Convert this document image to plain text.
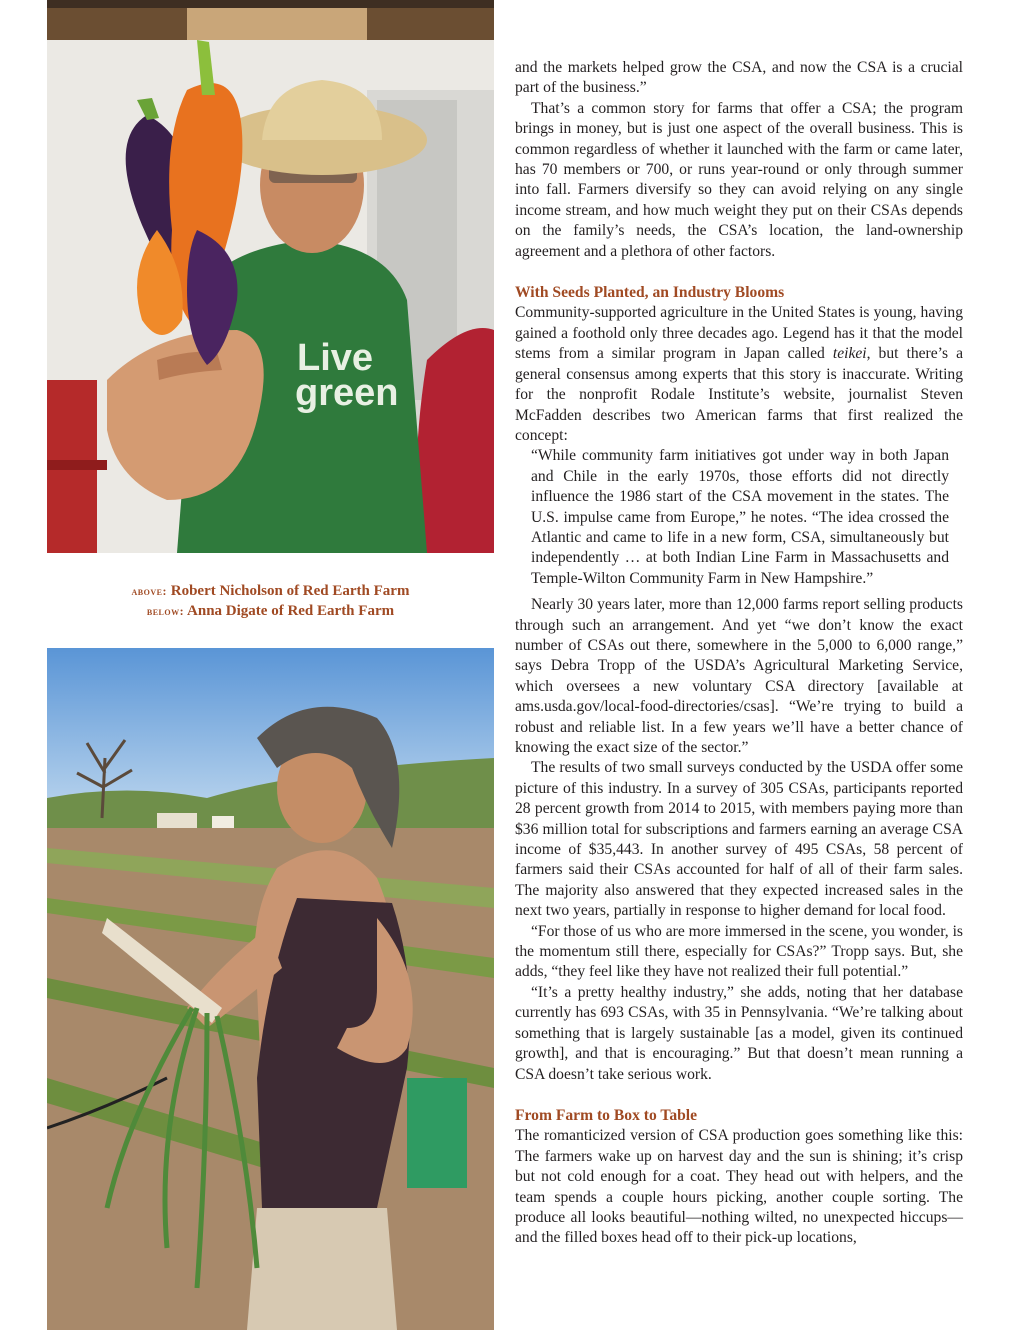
Live
green
above: Robert Nicholson of Red Earth Farm
below: Anna Digate of Red Earth Farm

and the markets helped grow the CSA, and now the CSA is a crucial part of the business.”

That’s a common story for farms that offer a CSA; the program brings in money, but is just one aspect of the overall business. This is common regardless of whether it launched with the farm or came later, has 70 members or 700, or runs year-round or only through summer into fall. Farmers diversify so they can avoid relying on any single income stream, and how much weight they put on their CSAs depends on the family’s needs, the CSA’s location, the land-ownership agreement and a plethora of other factors.

With Seeds Planted, an Industry Blooms

Community-supported agriculture in the United States is young, having gained a foothold only three decades ago. Legend has it that the model stems from a similar program in Japan called teikei, but there’s a general consensus among experts that this story is inaccurate. Writing for the nonprofit Rodale Institute’s website, journalist Steven McFadden describes two American farms that first realized the concept:

“While community farm initiatives got under way in both Japan and Chile in the early 1970s, those efforts did not directly influence the 1986 start of the CSA movement in the states. The U.S. impulse came from Europe,” he notes. “The idea crossed the Atlantic and came to life in a new form, CSA, simultaneously but independently … at both Indian Line Farm in Massachusetts and Temple-Wilton Community Farm in New Hampshire.”

Nearly 30 years later, more than 12,000 farms report selling products through such an arrangement. And yet “we don’t know the exact number of CSAs out there, somewhere in the 5,000 to 6,000 range,” says Debra Tropp of the USDA’s Agricultural Marketing Service, which oversees a new voluntary CSA directory [available at ams.usda.gov/local-food-directories/csas]. “We’re trying to build a robust and reliable list. In a few years we’ll have a better chance of knowing the exact size of the sector.”

The results of two small surveys conducted by the USDA offer some picture of this industry. In a survey of 305 CSAs, participants reported 28 percent growth from 2014 to 2015, with members paying more than $36 million total for subscriptions and farmers earning an average CSA income of $35,443. In another survey of 495 CSAs, 58 percent of farmers said their CSAs accounted for half of all of their farm sales. The majority also answered that they expected increased sales in the next two years, partially in response to higher demand for local food.

“For those of us who are more immersed in the scene, you wonder, is the momentum still there, especially for CSAs?” Tropp says. But, she adds, “they feel like they have not realized their full potential.”

“It’s a pretty healthy industry,” she adds, noting that her database currently has 693 CSAs, with 35 in Pennsylvania. “We’re talking about something that is largely sustainable [as a model, given its continued growth], and that is encouraging.” But that doesn’t mean running a CSA doesn’t take serious work.

From Farm to Box to Table

The romanticized version of CSA production goes something like this: The farmers wake up on harvest day and the sun is shining; it’s crisp but not cold enough for a coat. They head out with helpers, and the team spends a couple hours picking, another couple sorting. The produce all looks beautiful—nothing wilted, no unexpected hiccups—and the filled boxes head off to their pick-up locations,
